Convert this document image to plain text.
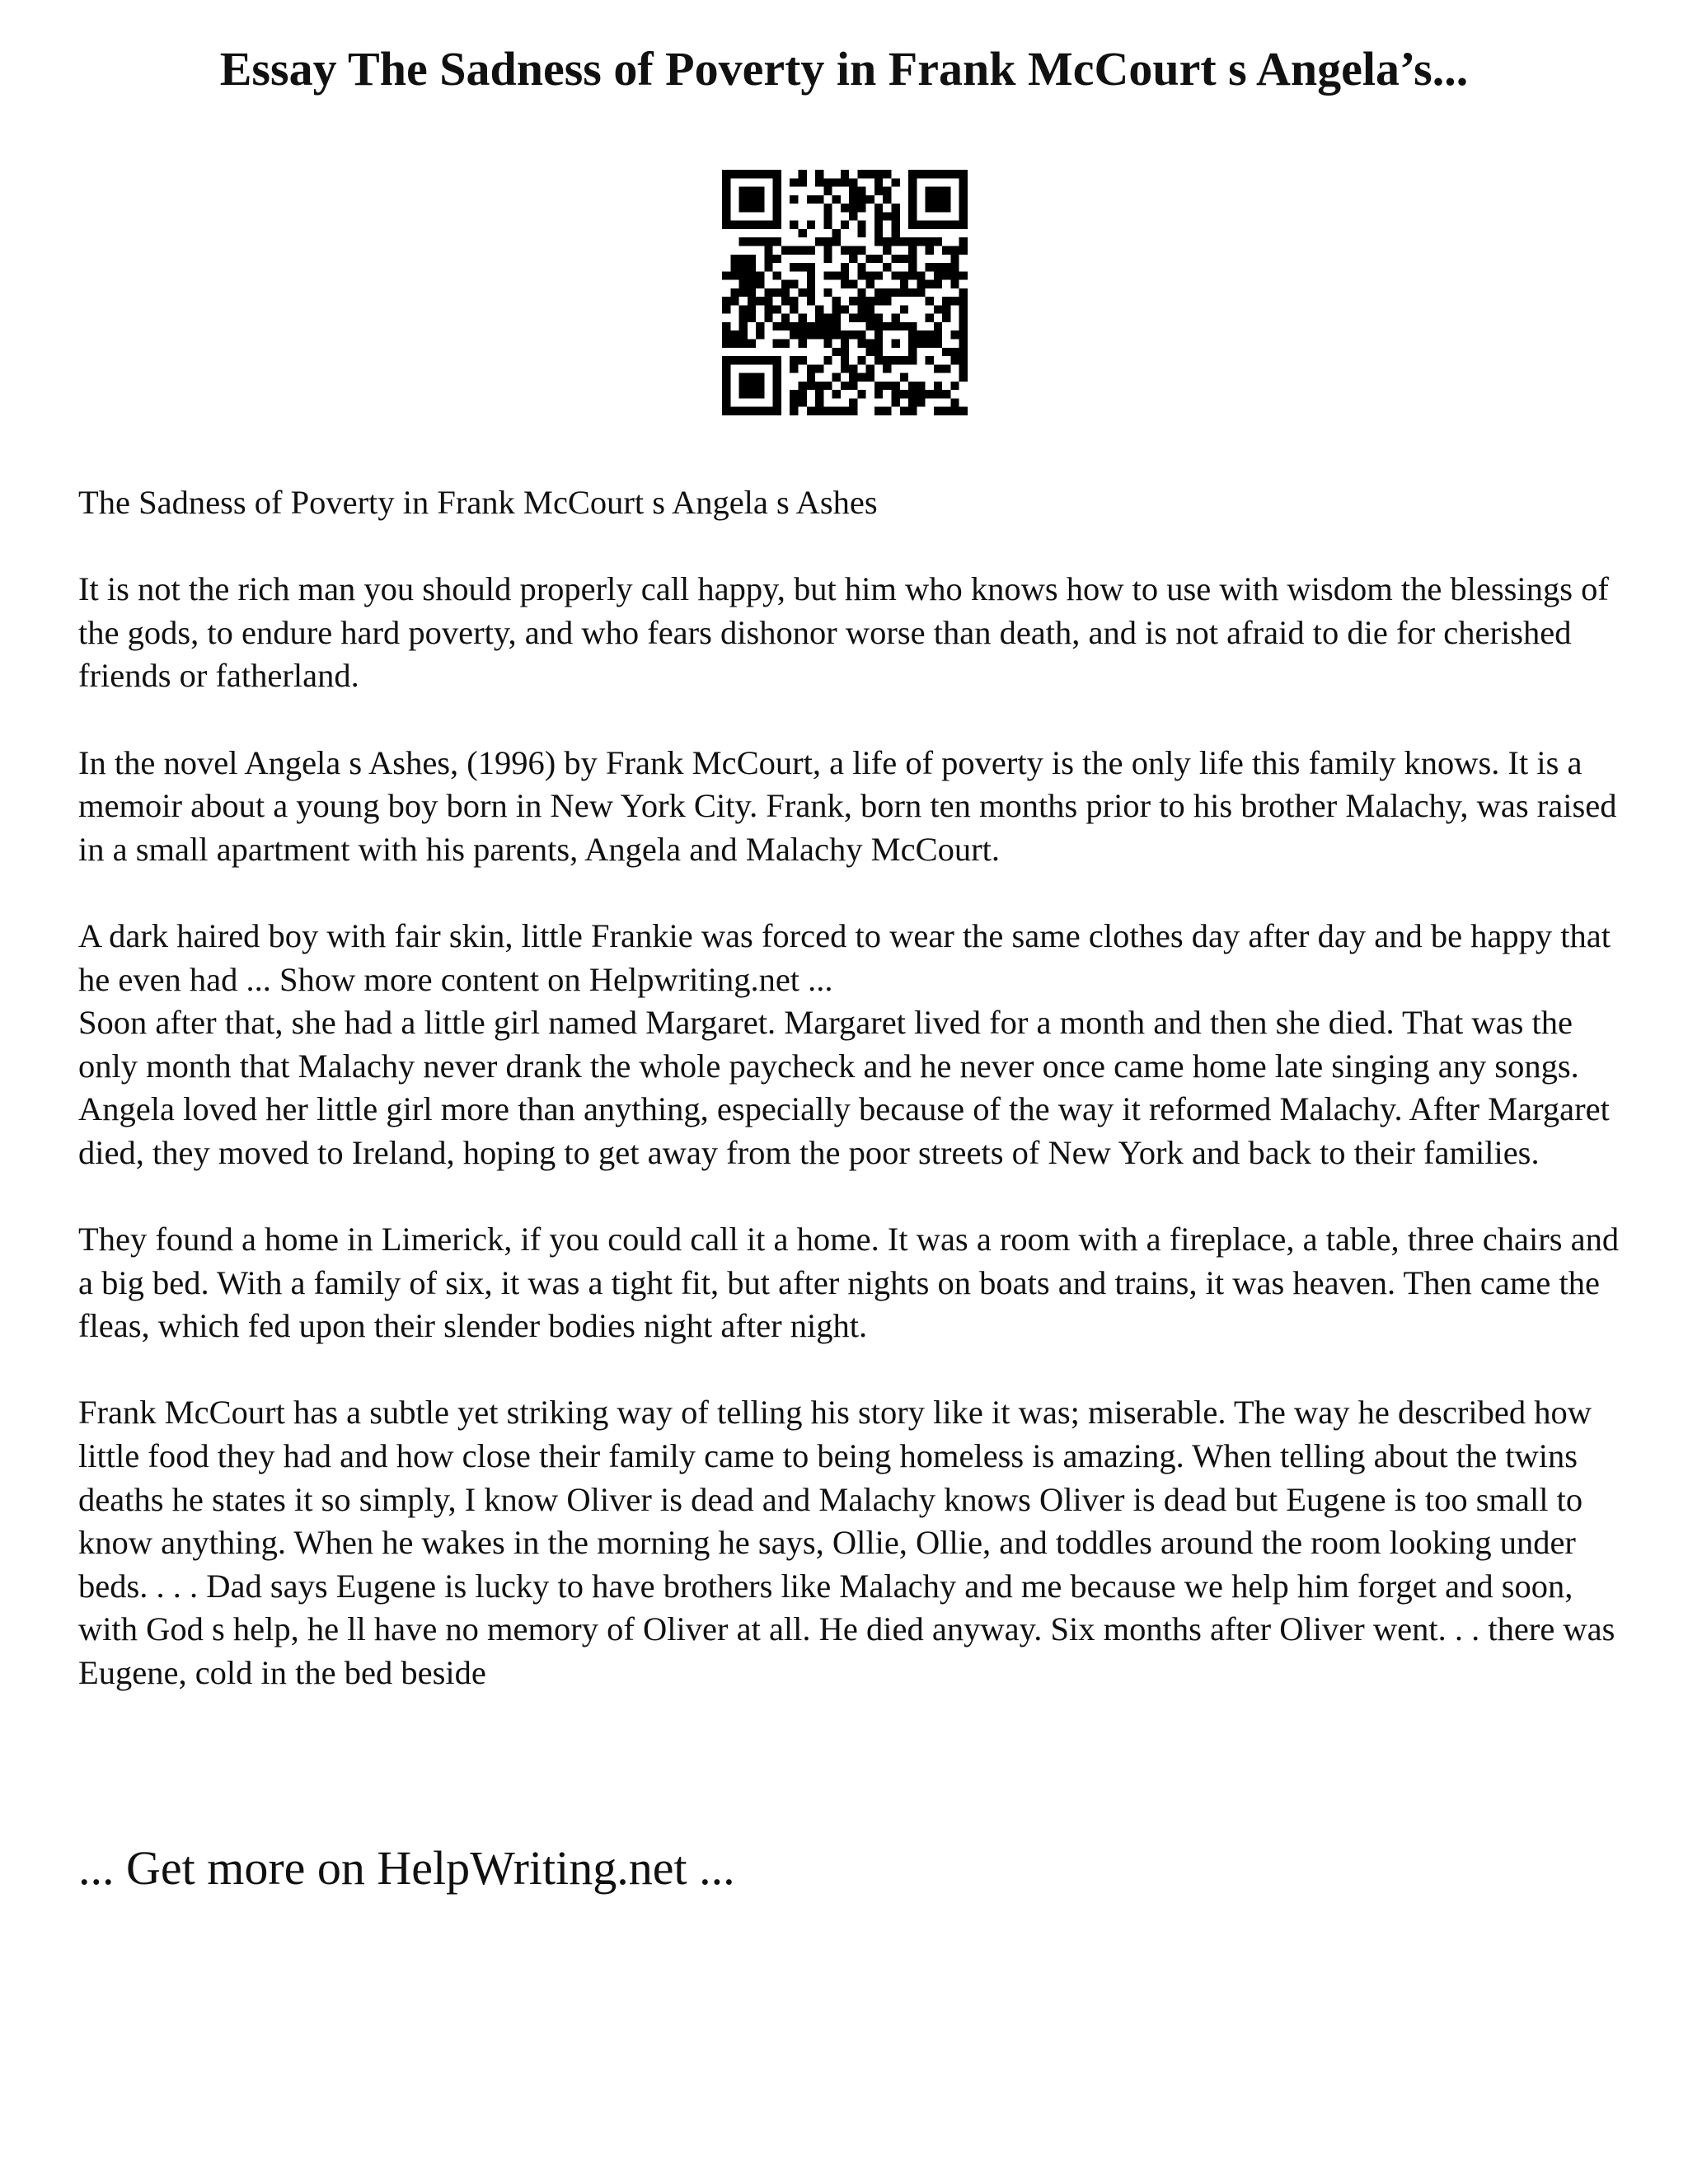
Essay The Sadness of Poverty in Frank McCourt s Angela’s...

The Sadness of Poverty in Frank McCourt s Angela s Ashes

It is not the rich man you should properly call happy, but him who knows how to use with wisdom the blessings of the gods, to endure hard poverty, and who fears dishonor worse than death, and is not afraid to die for cherished friends or fatherland.

In the novel Angela s Ashes, (1996) by Frank McCourt, a life of poverty is the only life this family knows. It is a memoir about a young boy born in New York City. Frank, born ten months prior to his brother Malachy, was raised in a small apartment with his parents, Angela and Malachy McCourt.

A dark haired boy with fair skin, little Frankie was forced to wear the same clothes day after day and be happy that he even had ... Show more content on Helpwriting.net ...

Soon after that, she had a little girl named Margaret. Margaret lived for a month and then she died. That was the only month that Malachy never drank the whole paycheck and he never once came home late singing any songs. Angela loved her little girl more than anything, especially because of the way it reformed Malachy. After Margaret died, they moved to Ireland, hoping to get away from the poor streets of New York and back to their families.

They found a home in Limerick, if you could call it a home. It was a room with a fireplace, a table, three chairs and a big bed. With a family of six, it was a tight fit, but after nights on boats and trains, it was heaven. Then came the fleas, which fed upon their slender bodies night after night.

Frank McCourt has a subtle yet striking way of telling his story like it was; miserable. The way he described how little food they had and how close their family came to being homeless is amazing. When telling about the twins deaths he states it so simply, I know Oliver is dead and Malachy knows Oliver is dead but Eugene is too small to know anything. When he wakes in the morning he says, Ollie, Ollie, and toddles around the room looking under beds. . . . Dad says Eugene is lucky to have brothers like Malachy and me because we help him forget and soon, with God s help, he ll have no memory of Oliver at all. He died anyway. Six months after Oliver went. . . there was Eugene, cold in the bed beside

... Get more on HelpWriting.net ...
